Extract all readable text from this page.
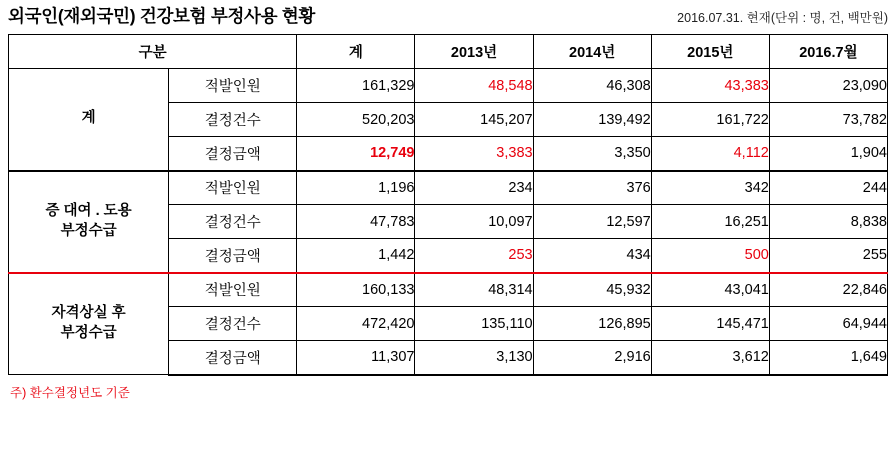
외국인(재외국민) 건강보험 부정사용 현황	2016.07.31. 현재(단위 : 명, 건, 백만원)
구분		계	2013년	2014년	2015년	2016.7월
계	적발인원	161,329	48,548	46,308	43,383	23,090
	결정건수	520,203	145,207	139,492	161,722	73,782
	결정금액	12,749	3,383	3,350	4,112	1,904

증 대여 . 도용
부정수급	적발인원	1,196	234	376	342	244
	결정건수	47,783	10,097	12,597	16,251	8,838
	결정금액	1,442	253	434	500	255

자격상실 후
부정수급	적발인원	160,133	48,314	45,932	43,041	22,846
	결정건수	472,420	135,110	126,895	145,471	64,944
	결정금액	11,307	3,130	2,916	3,612	1,649
주) 환수결정년도 기준
